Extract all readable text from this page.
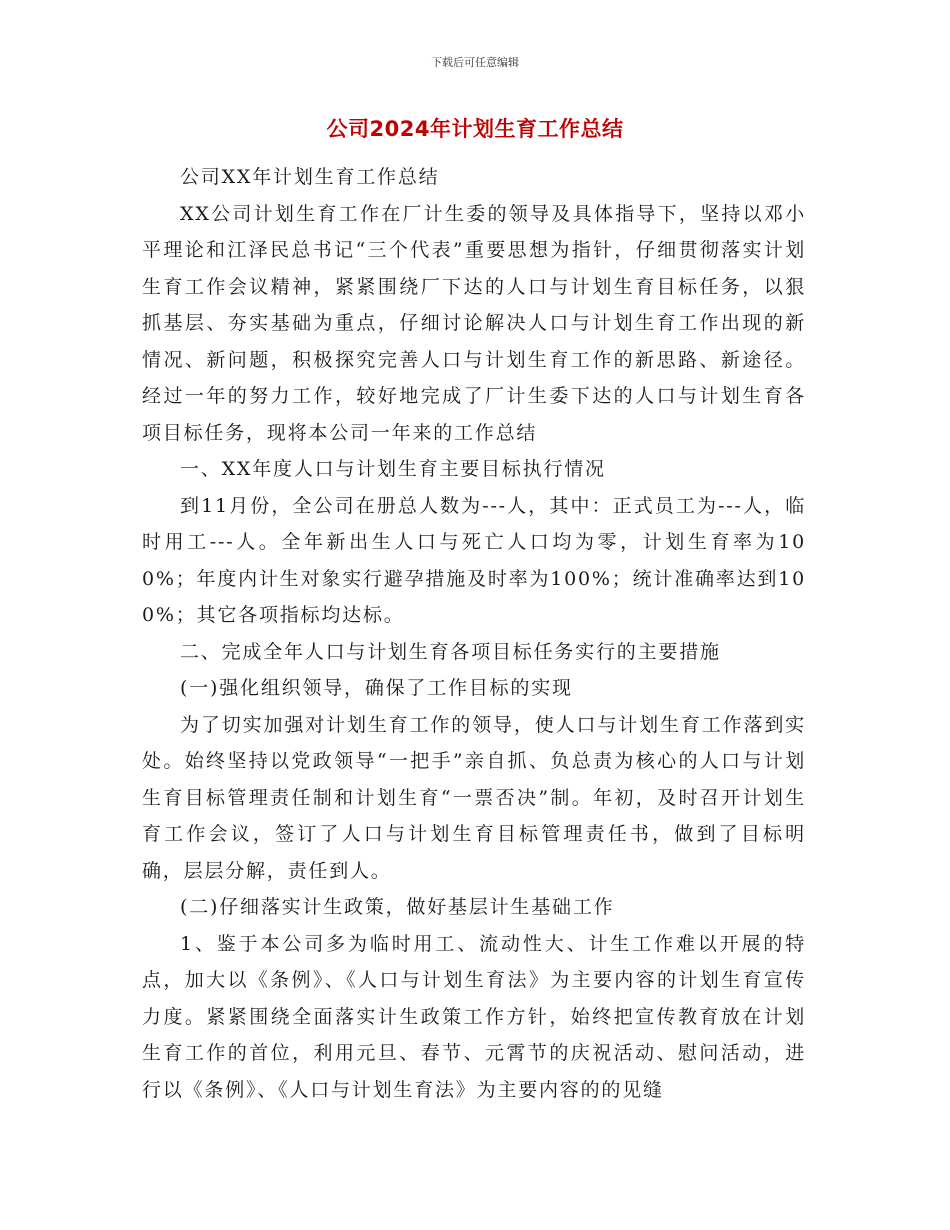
下载后可任意编辑
公司2024年计划生育工作总结

公司XX年计划生育工作总结

XX公司计划生育工作在厂计生委的领导及具体指导下，坚持以邓小平理论和江泽民总书记“三个代表”重要思想为指针，仔细贯彻落实计划生育工作会议精神，紧紧围绕厂下达的人口与计划生育目标任务，以狠抓基层、夯实基础为重点，仔细讨论解决人口与计划生育工作出现的新情况、新问题，积极探究完善人口与计划生育工作的新思路、新途径。经过一年的努力工作，较好地完成了厂计生委下达的人口与计划生育各项目标任务，现将本公司一年来的工作总结

一、XX年度人口与计划生育主要目标执行情况

到11月份，全公司在册总人数为---人，其中：正式员工为---人，临时用工---人。全年新出生人口与死亡人口均为零，计划生育率为100%；年度内计生对象实行避孕措施及时率为100%；统计准确率达到100%；其它各项指标均达标。

二、完成全年人口与计划生育各项目标任务实行的主要措施

(一)强化组织领导，确保了工作目标的实现

为了切实加强对计划生育工作的领导，使人口与计划生育工作落到实处。始终坚持以党政领导“一把手”亲自抓、负总责为核心的人口与计划生育目标管理责任制和计划生育“一票否决”制。年初，及时召开计划生育工作会议，签订了人口与计划生育目标管理责任书，做到了目标明确，层层分解，责任到人。

(二)仔细落实计生政策，做好基层计生基础工作

1、鉴于本公司多为临时用工、流动性大、计生工作难以开展的特点，加大以《条例》、《人口与计划生育法》为主要内容的计划生育宣传力度。紧紧围绕全面落实计生政策工作方针，始终把宣传教育放在计划生育工作的首位，利用元旦、春节、元霄节的庆祝活动、慰问活动，进行以《条例》、《人口与计划生育法》为主要内容的的见缝
